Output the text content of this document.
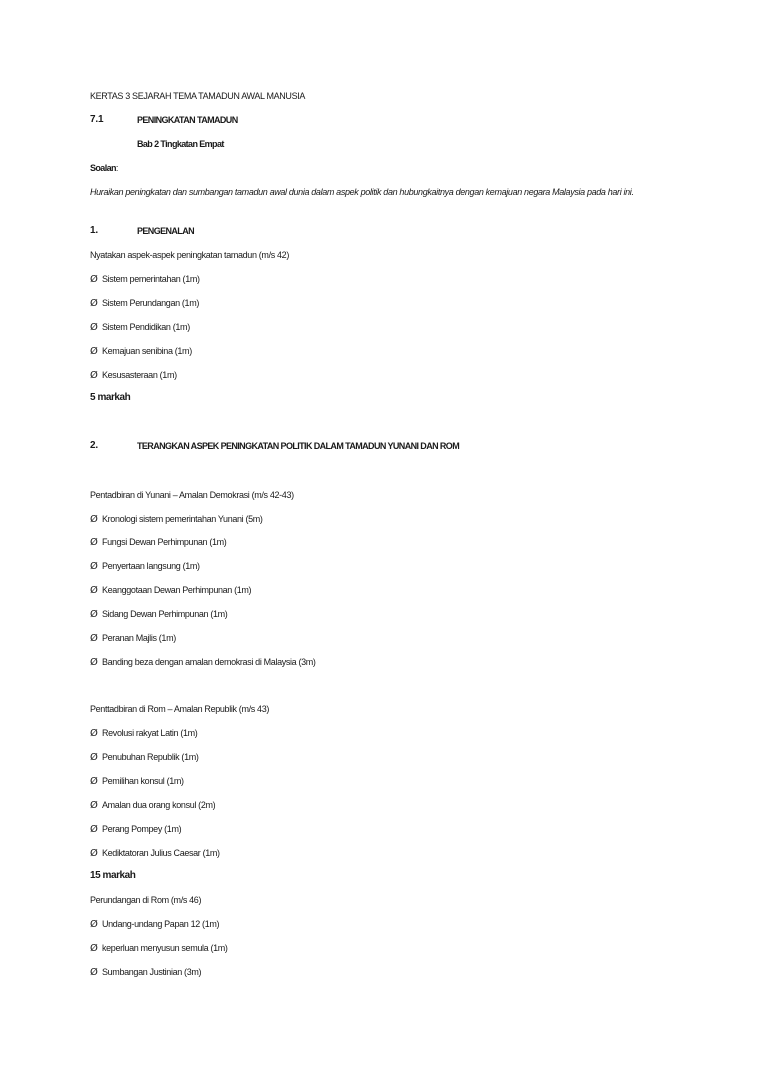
KERTAS 3 SEJARAH TEMA TAMADUN AWAL MANUSIA
7.1	PENINGKATAN TAMADUN
Bab 2 Tingkatan Empat
Soalan:
Huraikan peningkatan dan sumbangan tamadun awal dunia dalam aspek politik dan hubungkaitnya dengan kemajuan negara Malaysia pada hari ini.
1.	PENGENALAN
Nyatakan aspek-aspek peningkatan tamadun (m/s 42)
Ø Sistem pemerintahan (1m)
Ø Sistem Perundangan (1m)
Ø Sistem Pendidikan (1m)
Ø Kemajuan senibina (1m)
Ø Kesusasteraan (1m)
5 markah
2.	TERANGKAN ASPEK PENINGKATAN POLITIK DALAM TAMADUN YUNANI DAN ROM
Pentadbiran di Yunani – Amalan Demokrasi (m/s 42-43)
Ø Kronologi sistem pemerintahan Yunani (5m)
Ø Fungsi Dewan Perhimpunan (1m)
Ø Penyertaan langsung (1m)
Ø Keanggotaan Dewan Perhimpunan (1m)
Ø Sidang Dewan Perhimpunan (1m)
Ø Peranan Majlis (1m)
Ø Banding beza dengan amalan demokrasi di Malaysia (3m)
Penttadbiran di Rom – Amalan Republik (m/s 43)
Ø Revolusi rakyat Latin (1m)
Ø Penubuhan Republik (1m)
Ø Pemilihan konsul (1m)
Ø Amalan dua orang konsul (2m)
Ø Perang Pompey (1m)
Ø Kediktatoran Julius Caesar (1m)
15 markah
Perundangan di Rom (m/s 46)
Ø Undang-undang Papan 12 (1m)
Ø keperluan menyusun semula (1m)
Ø Sumbangan Justinian (3m)
